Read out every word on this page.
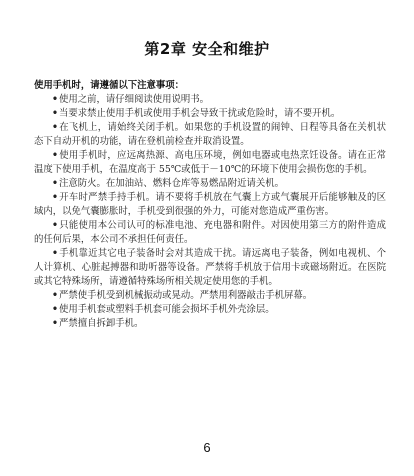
第2章 安全和维护

使用手机时，请遵循以下注意事项：

•使用之前，请仔细阅读使用说明书。

•当要求禁止使用手机或使用手机会导致干扰或危险时，请不要开机。

•在飞机上，请始终关闭手机。如果您的手机设置的闹钟、日程等具备在关机状态下自动开机的功能，请在登机前检查并取消设置。

•使用手机时，应远离热源、高电压环境，例如电器或电热烹饪设备。请在正常温度下使用手机，在温度高于 55℃或低于－10℃的环境下使用会损伤您的手机。

•注意防火。在加油站、燃料仓库等易燃品附近请关机。

•开车时严禁手持手机。请不要将手机放在气囊上方或气囊展开后能够触及的区域内，以免气囊膨胀时，手机受到很强的外力，可能对您造成严重伤害。

•只能使用本公司认可的标准电池、充电器和附件。对因使用第三方的附件造成的任何后果，本公司不承担任何责任。

•手机靠近其它电子装备时会对其造成干扰。请远离电子装备，例如电视机、个人计算机、心脏起搏器和助听器等设备。严禁将手机放于信用卡或磁场附近。在医院或其它特殊场所，请遵循特殊场所相关规定使用您的手机。

•严禁使手机受到机械振动或晃动。严禁用利器敲击手机屏幕。

•使用手机套或塑料手机套可能会损坏手机外壳涂层。

•严禁擅自拆卸手机。

6
